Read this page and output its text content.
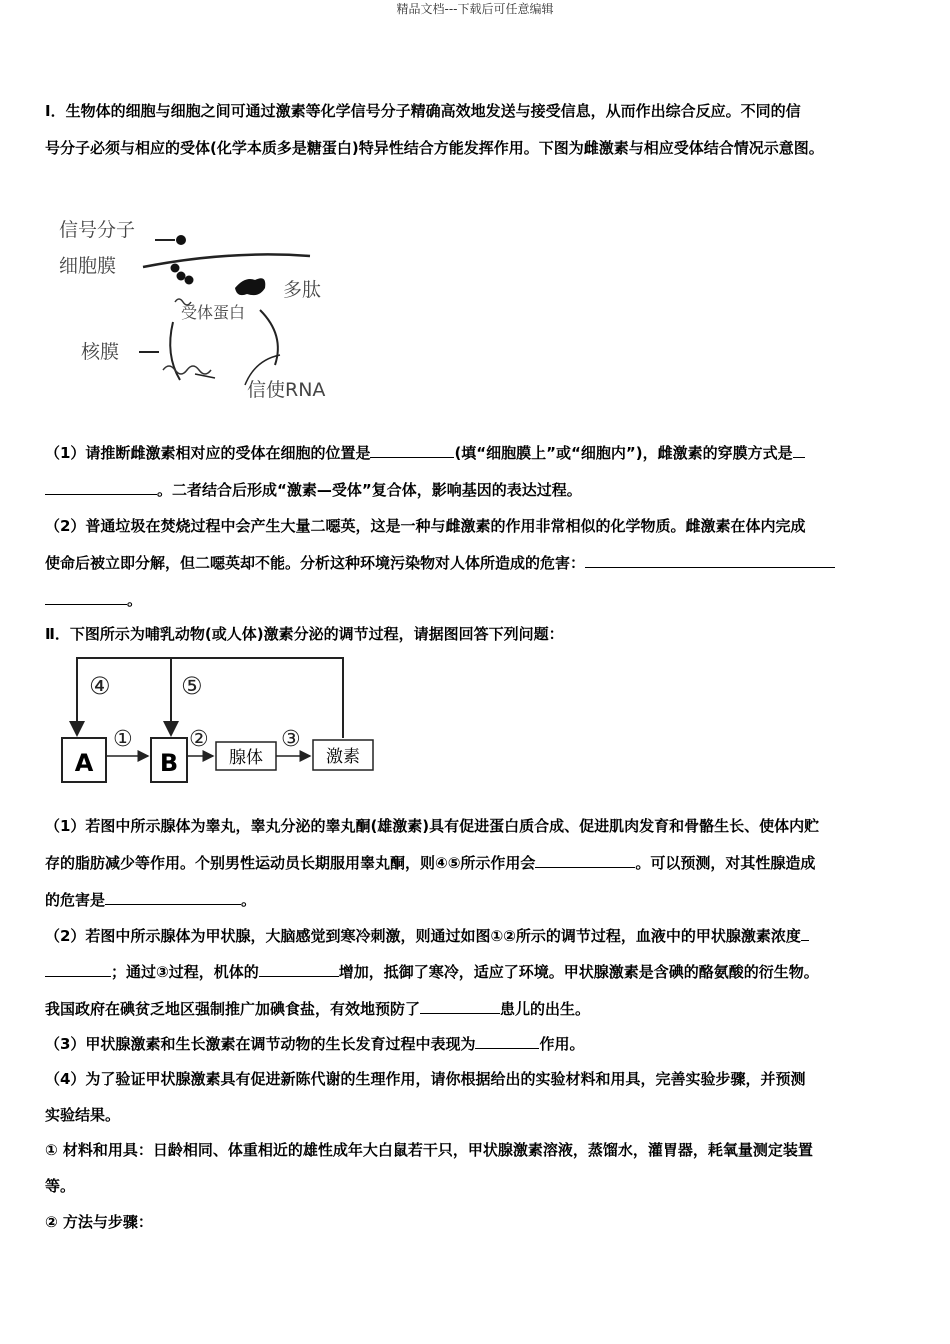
精品文档---下载后可任意编辑
Ⅰ．生物体的细胞与细胞之间可通过激素等化学信号分子精确高效地发送与接受信息，从而作出综合反应。不同的信
号分子必须与相应的受体(化学本质多是糖蛋白)特异性结合方能发挥作用。下图为雌激素与相应受体结合情况示意图。
信号分子
细胞膜
多肽
受体蛋白
核膜
信使RNA
（1）请推断雌激素相对应的受体在细胞的位置是	(填“细胞膜上”或“细胞内”)，雌激素的穿膜方式是
。二者结合后形成“激素—受体”复合体，影响基因的表达过程。
（2）普通垃圾在焚烧过程中会产生大量二噁英，这是一种与雌激素的作用非常相似的化学物质。雌激素在体内完成
使命后被立即分解，但二噁英却不能。分析这种环境污染物对人体所造成的危害：
。
Ⅱ．下图所示为哺乳动物(或人体)激素分泌的调节过程，请据图回答下列问题：
④	⑤
A	B	腺体	激素
①	②	③
（1）若图中所示腺体为睾丸，睾丸分泌的睾丸酮(雄激素)具有促进蛋白质合成、促进肌肉发育和骨骼生长、使体内贮
存的脂肪减少等作用。个别男性运动员长期服用睾丸酮，则④⑤所示作用会	。可以预测，对其性腺造成
的危害是	。
（2）若图中所示腺体为甲状腺，大脑感觉到寒冷刺激，则通过如图①②所示的调节过程，血液中的甲状腺激素浓度
；通过③过程，机体的	增加，抵御了寒冷，适应了环境。甲状腺激素是含碘的酪氨酸的衍生物。
我国政府在碘贫乏地区强制推广加碘食盐，有效地预防了	患儿的出生。
（3）甲状腺激素和生长激素在调节动物的生长发育过程中表现为	作用。
（4）为了验证甲状腺激素具有促进新陈代谢的生理作用，请你根据给出的实验材料和用具，完善实验步骤，并预测
实验结果。
① 材料和用具：日龄相同、体重相近的雄性成年大白鼠若干只，甲状腺激素溶液，蒸馏水，灌胃器，耗氧量测定装置
等。
② 方法与步骤：
